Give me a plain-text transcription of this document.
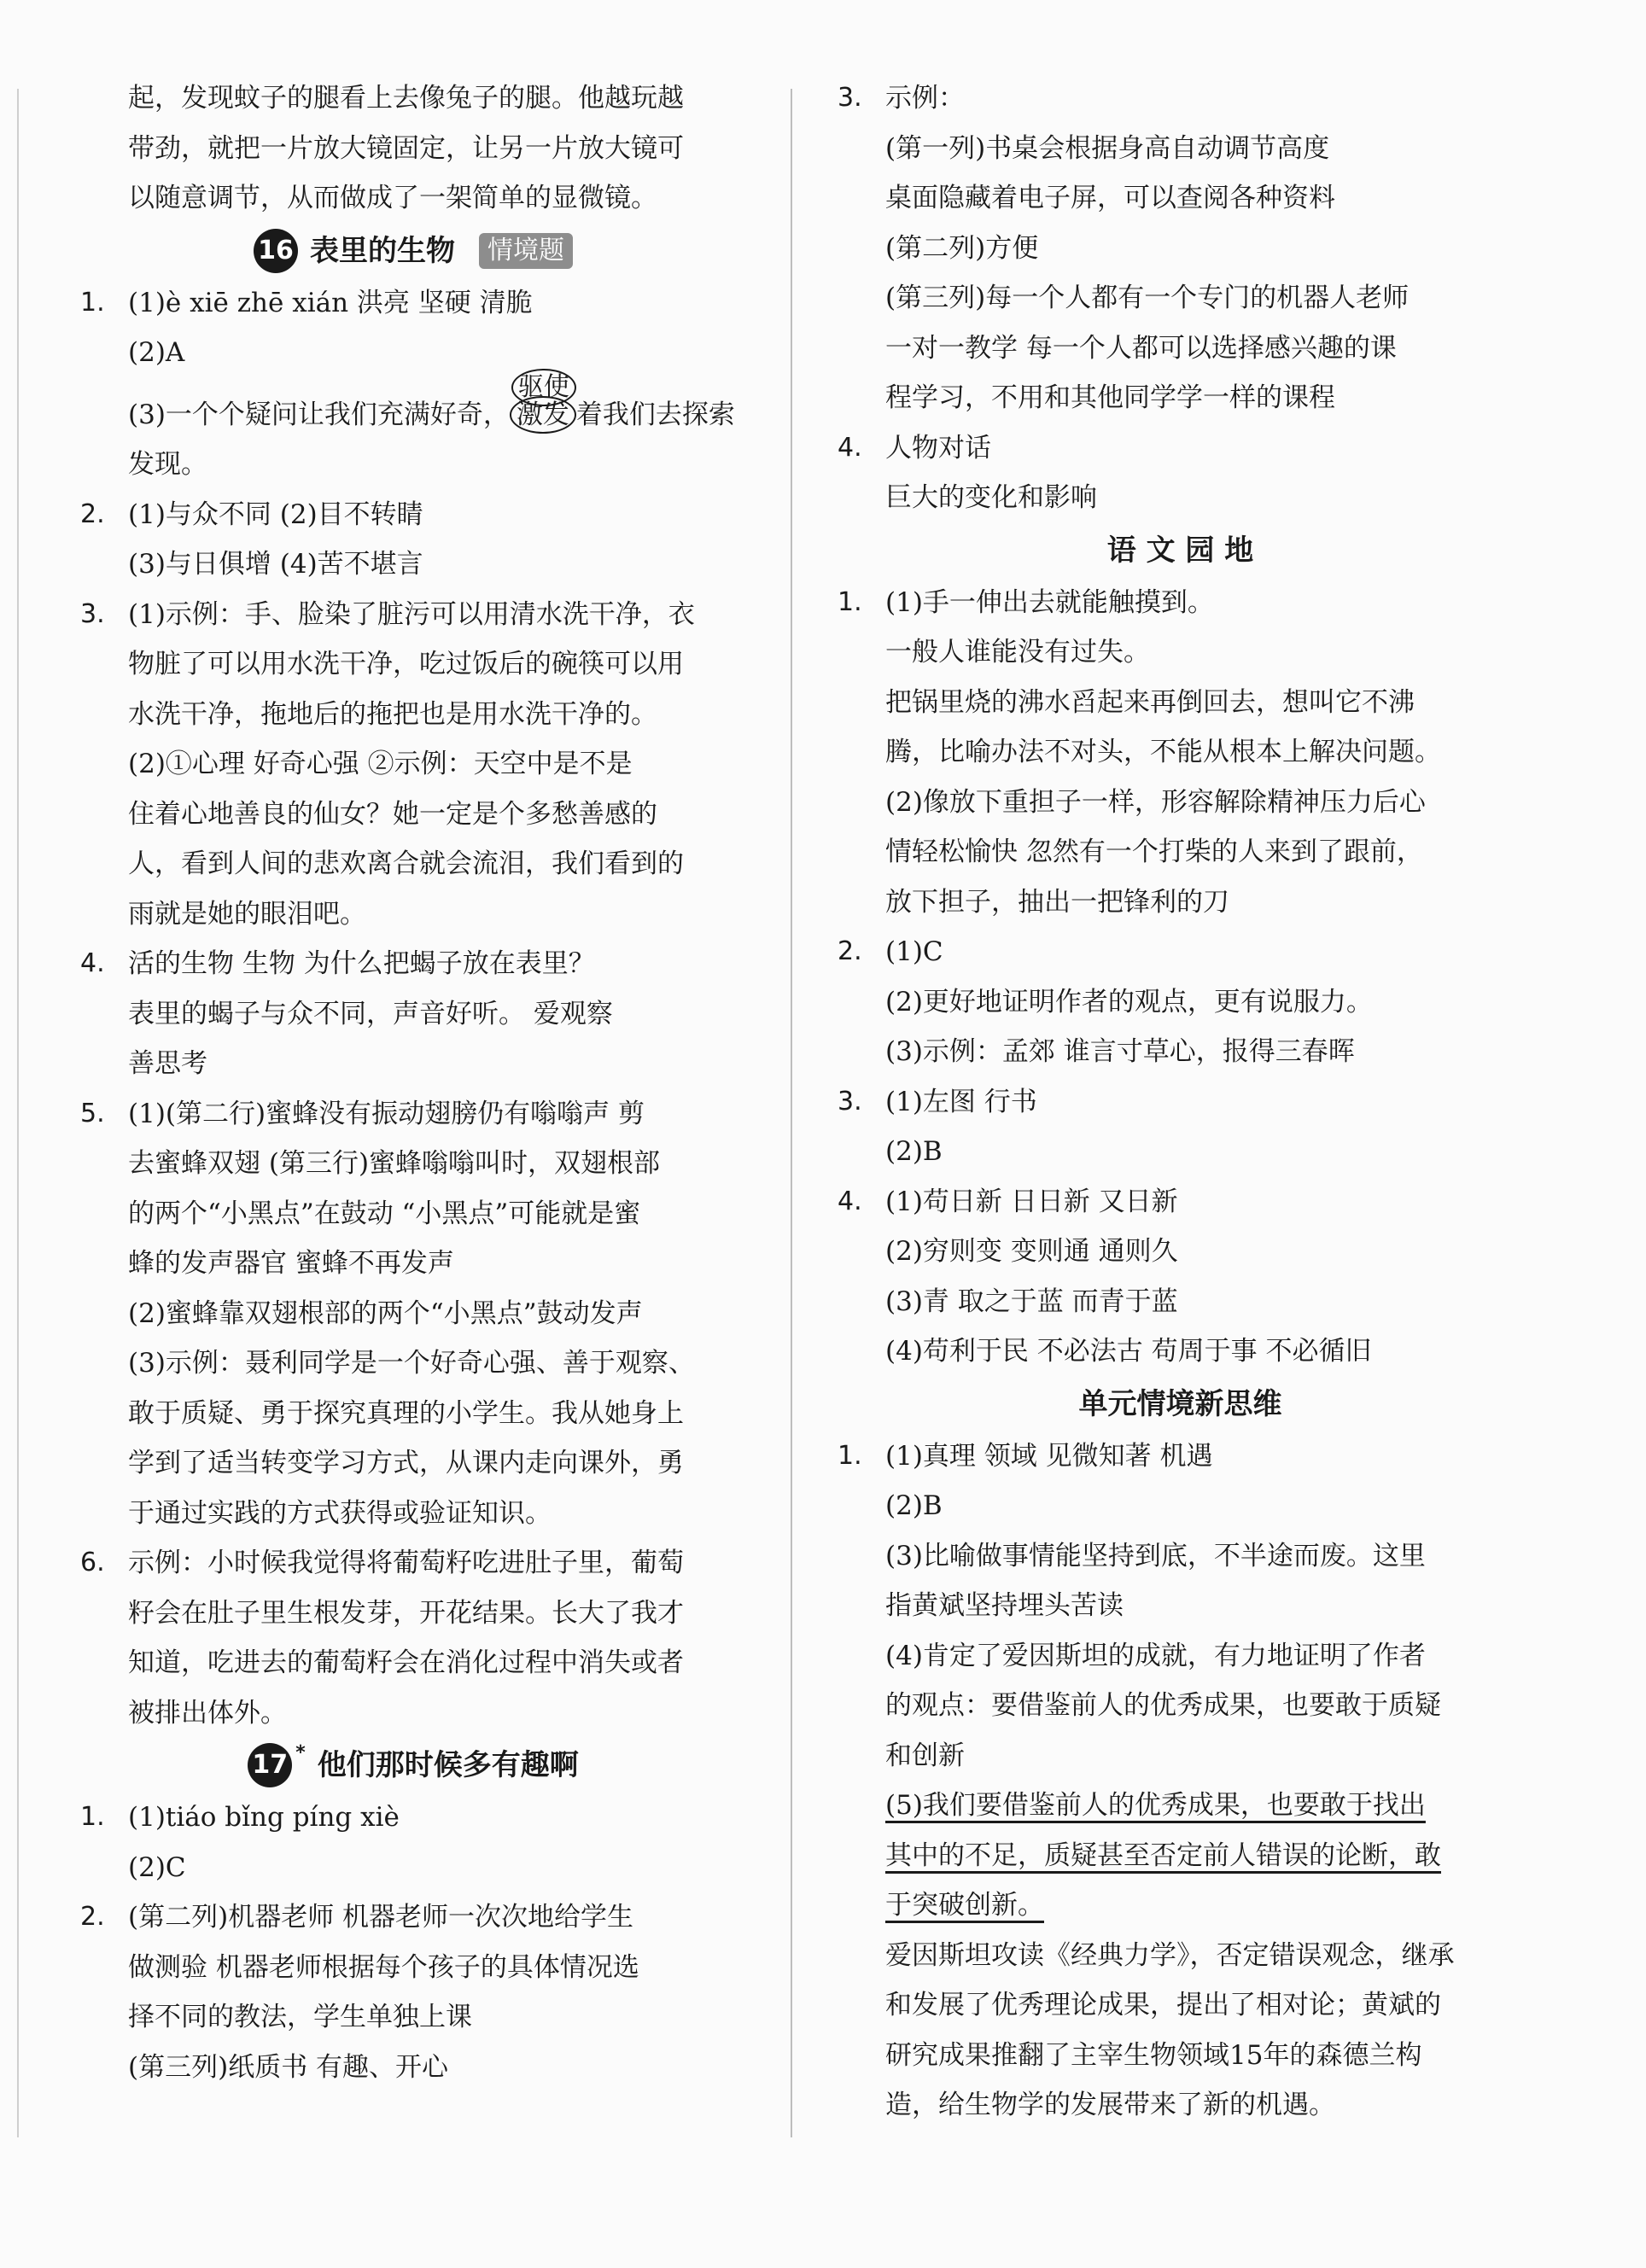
起，发现蚊子的腿看上去像兔子的腿。他越玩越
带劲，就把一片放大镜固定，让另一片放大镜可
以随意调节，从而做成了一架简单的显微镜。
16 表里的生物	情境题
1. (1)è xiē zhē xián 洪亮 坚硬 清脆
(2)A
(3)一个个疑问让我们充满好奇， 激发
驱使
着我们去探索
发现。
2. (1)与众不同 (2)目不转睛
(3)与日俱增 (4)苦不堪言
3. (1)示例：手、脸染了脏污可以用清水洗干净，衣
物脏了可以用水洗干净，吃过饭后的碗筷可以用
水洗干净，拖地后的拖把也是用水洗干净的。
(2)①心理 好奇心强 ②示例：天空中是不是
住着心地善良的仙女？她一定是个多愁善感的
人，看到人间的悲欢离合就会流泪，我们看到的
雨就是她的眼泪吧。
4. 活的生物 生物 为什么把蝎子放在表里？
表里的蝎子与众不同，声音好听。 爱观察
善思考
5. (1)(第二行)蜜蜂没有振动翅膀仍有嗡嗡声 剪
去蜜蜂双翅 (第三行)蜜蜂嗡嗡叫时，双翅根部
的两个“小黑点”在鼓动 “小黑点”可能就是蜜
蜂的发声器官 蜜蜂不再发声
(2)蜜蜂靠双翅根部的两个“小黑点”鼓动发声
(3)示例：聂利同学是一个好奇心强、善于观察、
敢于质疑、勇于探究真理的小学生。我从她身上
学到了适当转变学习方式，从课内走向课外，勇
于通过实践的方式获得或验证知识。
6. 示例：小时候我觉得将葡萄籽吃进肚子里，葡萄
籽会在肚子里生根发芽，开花结果。长大了我才
知道，吃进去的葡萄籽会在消化过程中消失或者
被排出体外。
17 * 他们那时候多有趣啊
1. (1)tiáo bǐng píng xiè
(2)C
2. (第二列)机器老师 机器老师一次次地给学生
做测验 机器老师根据每个孩子的具体情况选
择不同的教法，学生单独上课
(第三列)纸质书 有趣、开心
3. 示例：
(第一列)书桌会根据身高自动调节高度
桌面隐藏着电子屏，可以查阅各种资料
(第二列)方便
(第三列)每一个人都有一个专门的机器人老师
一对一教学 每一个人都可以选择感兴趣的课
程学习，不用和其他同学学一样的课程
4. 人物对话
巨大的变化和影响
语 文 园 地
1. (1)手一伸出去就能触摸到。
一般人谁能没有过失。
把锅里烧的沸水舀起来再倒回去，想叫它不沸
腾，比喻办法不对头，不能从根本上解决问题。
(2)像放下重担子一样，形容解除精神压力后心
情轻松愉快 忽然有一个打柴的人来到了跟前，
放下担子，抽出一把锋利的刀
2. (1)C
(2)更好地证明作者的观点，更有说服力。
(3)示例：孟郊 谁言寸草心，报得三春晖
3. (1)左图 行书
(2)B
4. (1)苟日新 日日新 又日新
(2)穷则变 变则通 通则久
(3)青 取之于蓝 而青于蓝
(4)苟利于民 不必法古 苟周于事 不必循旧
单元情境新思维
1. (1)真理 领域 见微知著 机遇
(2)B
(3)比喻做事情能坚持到底，不半途而废。这里
指黄斌坚持埋头苦读
(4)肯定了爱因斯坦的成就，有力地证明了作者
的观点：要借鉴前人的优秀成果，也要敢于质疑
和创新
(5)我们要借鉴前人的优秀成果，也要敢于找出
其中的不足，质疑甚至否定前人错误的论断，敢
于突破创新。
爱因斯坦攻读《经典力学》，否定错误观念，继承
和发展了优秀理论成果，提出了相对论；黄斌的
研究成果推翻了主宰生物领域15年的森德兰构
造，给生物学的发展带来了新的机遇。
